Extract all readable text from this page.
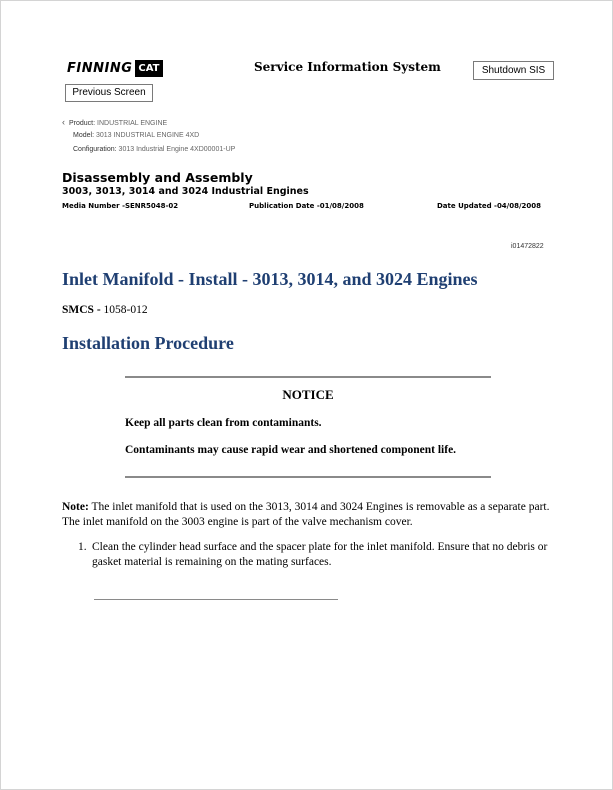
FINNING CAT	Service Information System	Shutdown SIS
Previous Screen
‹ Product: INDUSTRIAL ENGINE
Model: 3013 INDUSTRIAL ENGINE 4XD
Configuration: 3013 Industrial Engine 4XD00001-UP
Disassembly and Assembly
3003, 3013, 3014 and 3024 Industrial Engines
Media Number -SENR5048-02	Publication Date -01/08/2008	Date Updated -04/08/2008
i01472822
Inlet Manifold - Install - 3013, 3014, and 3024 Engines
SMCS - 1058-012
Installation Procedure
NOTICE
Keep all parts clean from contaminants.
Contaminants may cause rapid wear and shortened component life.
Note: The inlet manifold that is used on the 3013, 3014 and 3024 Engines is removable as a separate part. The inlet manifold on the 3003 engine is part of the valve mechanism cover.
1. Clean the cylinder head surface and the spacer plate for the inlet manifold. Ensure that no debris or gasket material is remaining on the mating surfaces.
